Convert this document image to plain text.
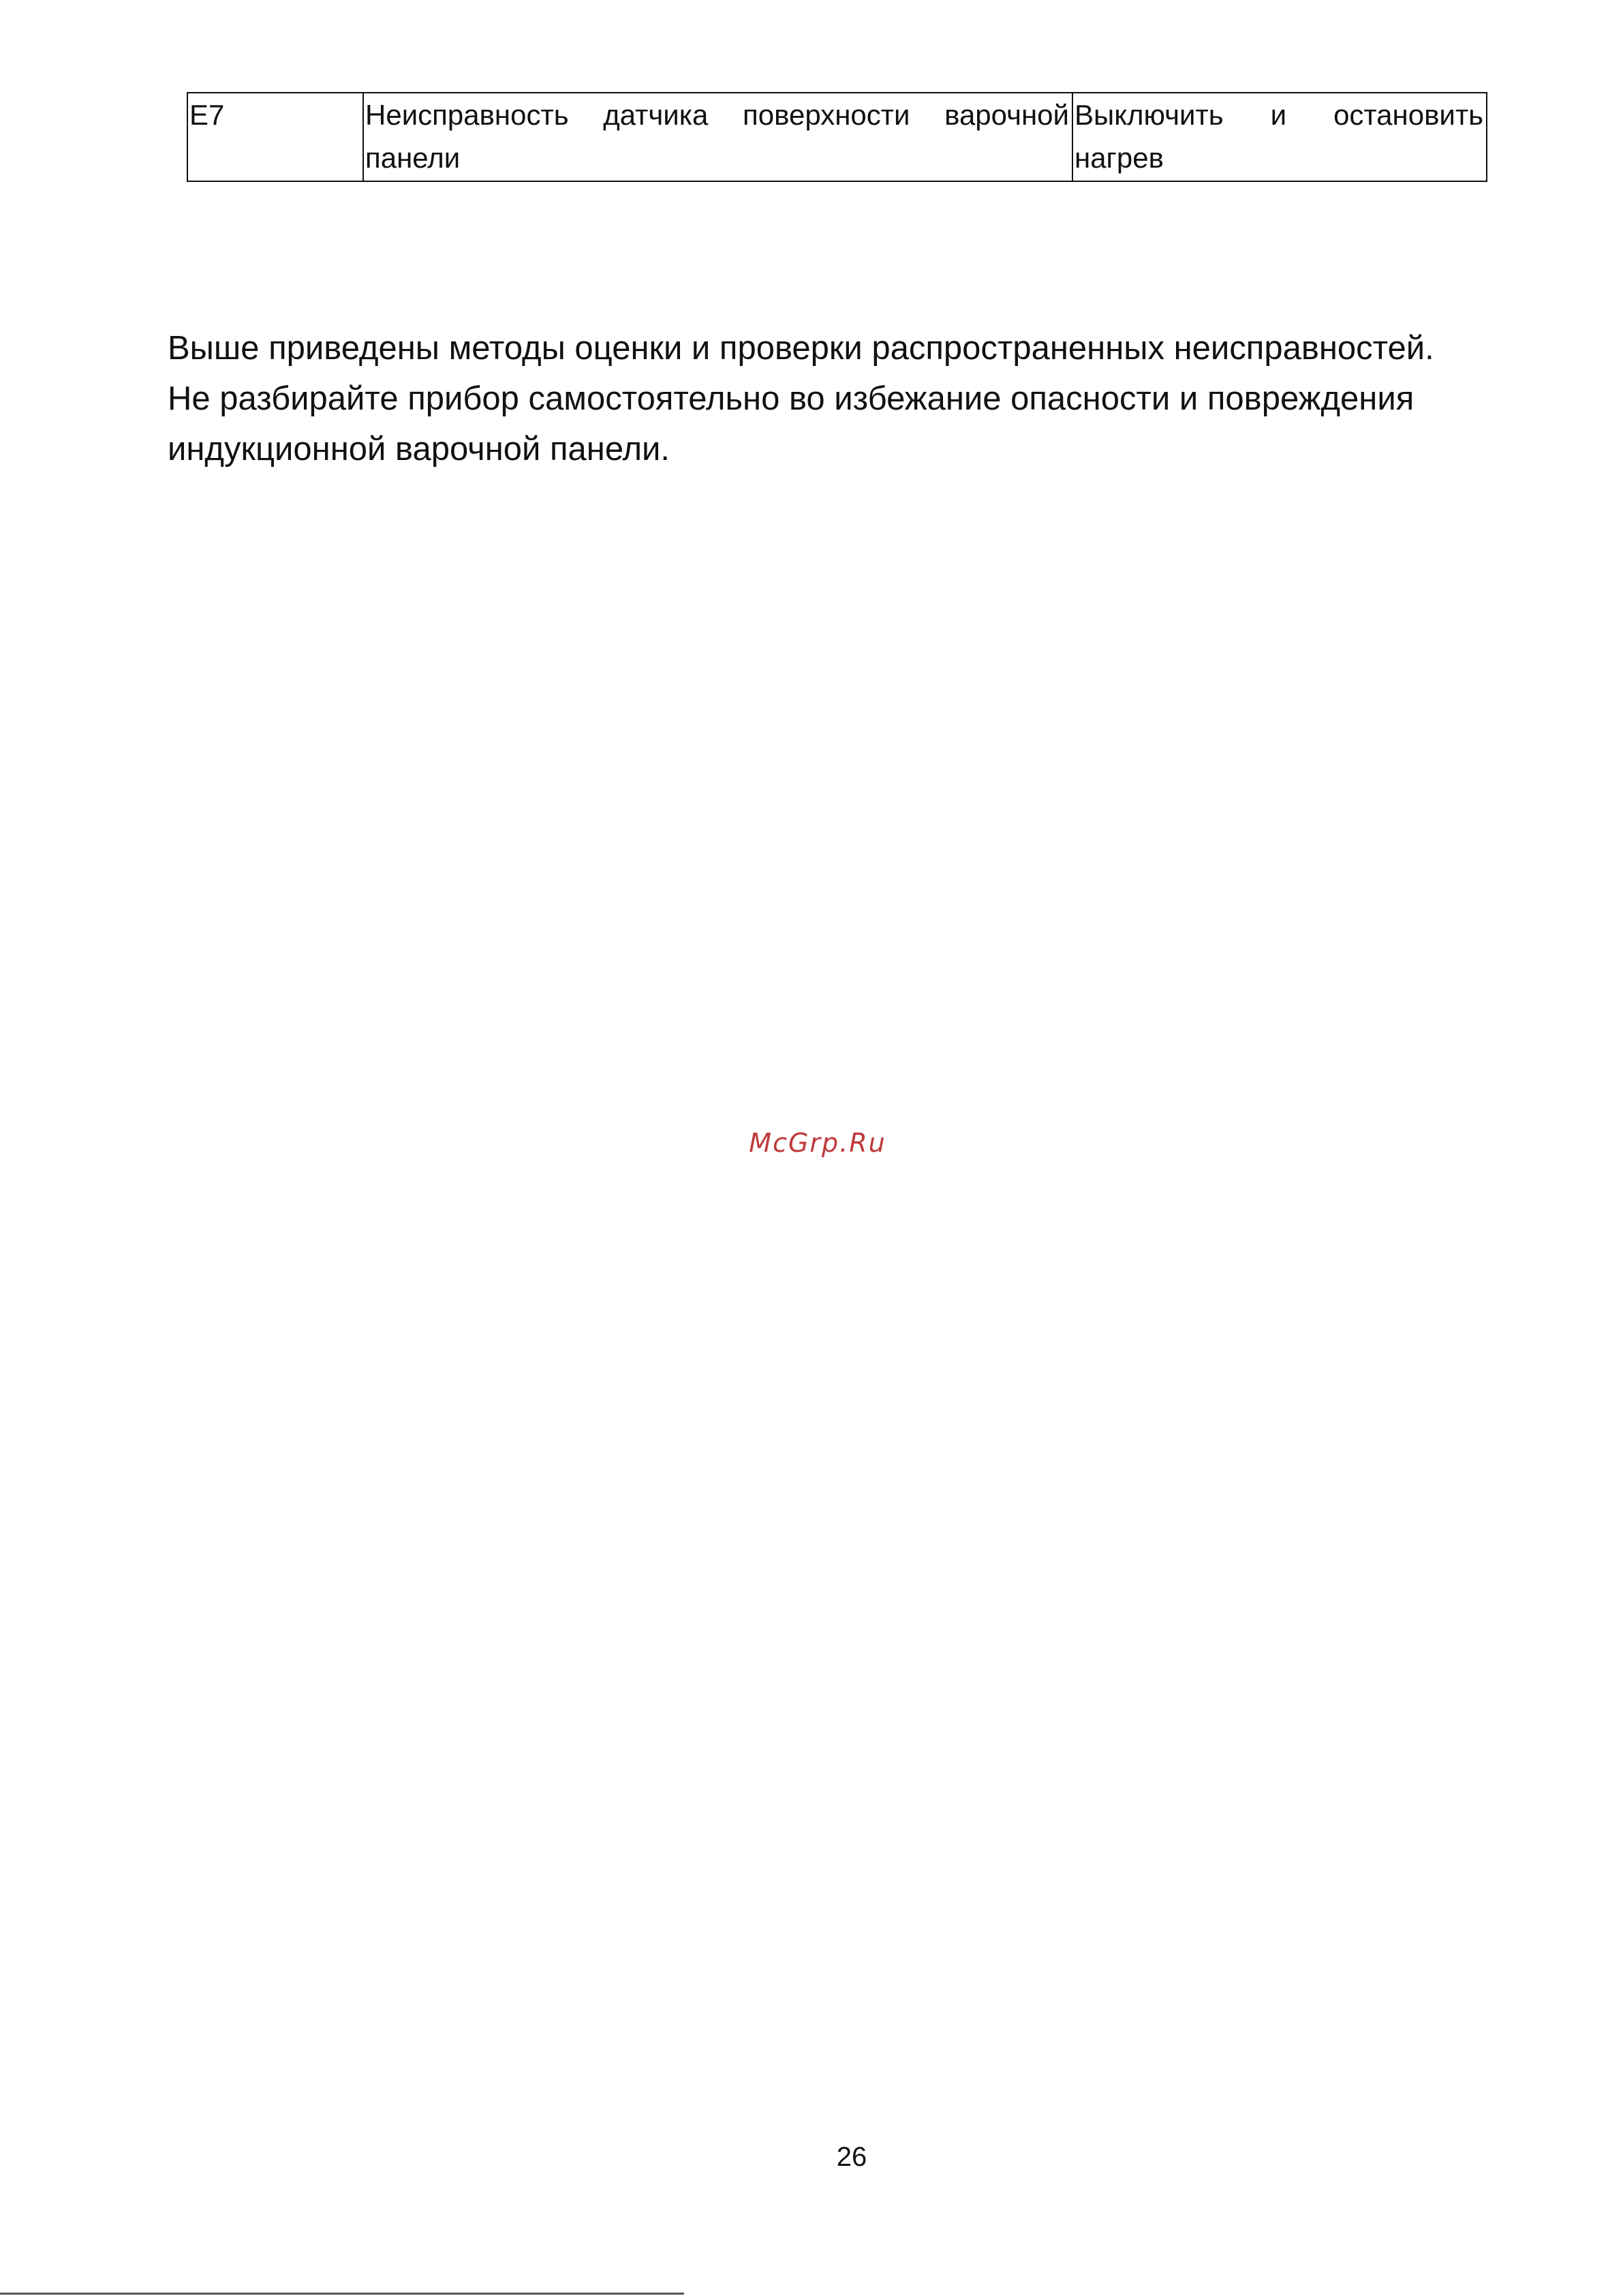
E7	Неисправность датчика поверхности варочной панели	Выключить и остановить нагрев

Выше приведены методы оценки и проверки распространенных неисправностей.

Не разбирайте прибор самостоятельно во избежание опасности и повреждения

индукционной варочной панели.

McGrp.Ru
26
